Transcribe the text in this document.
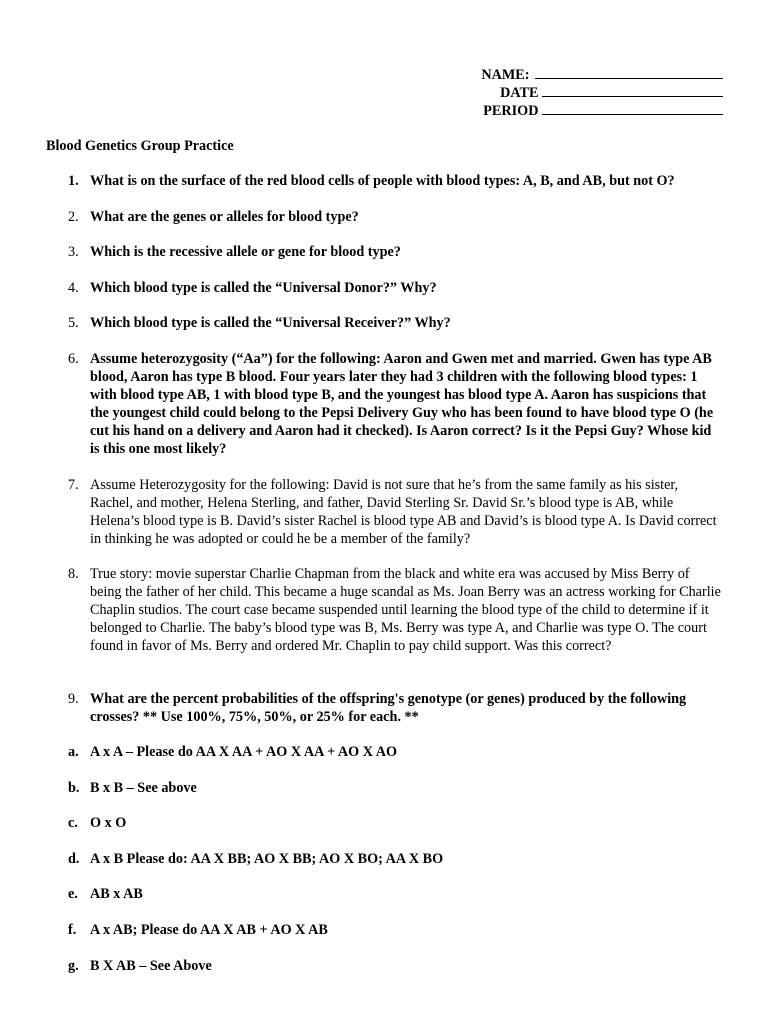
NAME:
DATE
PERIOD
Blood Genetics Group Practice
1. What is on the surface of the red blood cells of people with blood types: A, B, and AB, but not O?
2. What are the genes or alleles for blood type?
3. Which is the recessive allele or gene for blood type?
4. Which blood type is called the “Universal Donor?” Why?
5. Which blood type is called the “Universal Receiver?” Why?
6. Assume heterozygosity (“Aa”) for the following: Aaron and Gwen met and married. Gwen has type AB blood, Aaron has type B blood. Four years later they had 3 children with the following blood types: 1 with blood type AB, 1 with blood type B, and the youngest has blood type A. Aaron has suspicions that the youngest child could belong to the Pepsi Delivery Guy who has been found to have blood type O (he cut his hand on a delivery and Aaron had it checked). Is Aaron correct? Is it the Pepsi Guy? Whose kid is this one most likely?
7. Assume Heterozygosity for the following: David is not sure that he’s from the same family as his sister, Rachel, and mother, Helena Sterling, and father, David Sterling Sr. David Sr.’s blood type is AB, while Helena’s blood type is B. David’s sister Rachel is blood type AB and David’s is blood type A. Is David correct in thinking he was adopted or could he be a member of the family?
8. True story: movie superstar Charlie Chapman from the black and white era was accused by Miss Berry of being the father of her child. This became a huge scandal as Ms. Joan Berry was an actress working for Charlie Chaplin studios. The court case became suspended until learning the blood type of the child to determine if it belonged to Charlie. The baby’s blood type was B, Ms. Berry was type A, and Charlie was type O. The court found in favor of Ms. Berry and ordered Mr. Chaplin to pay child support. Was this correct?
9. What are the percent probabilities of the offspring's genotype (or genes) produced by the following crosses? ** Use 100%, 75%, 50%, or 25% for each. **
a. A x A – Please do AA X AA + AO X AA + AO X AO
b. B x B – See above
c. O x O
d. A x B Please do: AA X BB; AO X BB; AO X BO; AA X BO
e. AB x AB
f. A x AB; Please do AA X AB + AO X AB
g. B X AB – See Above
